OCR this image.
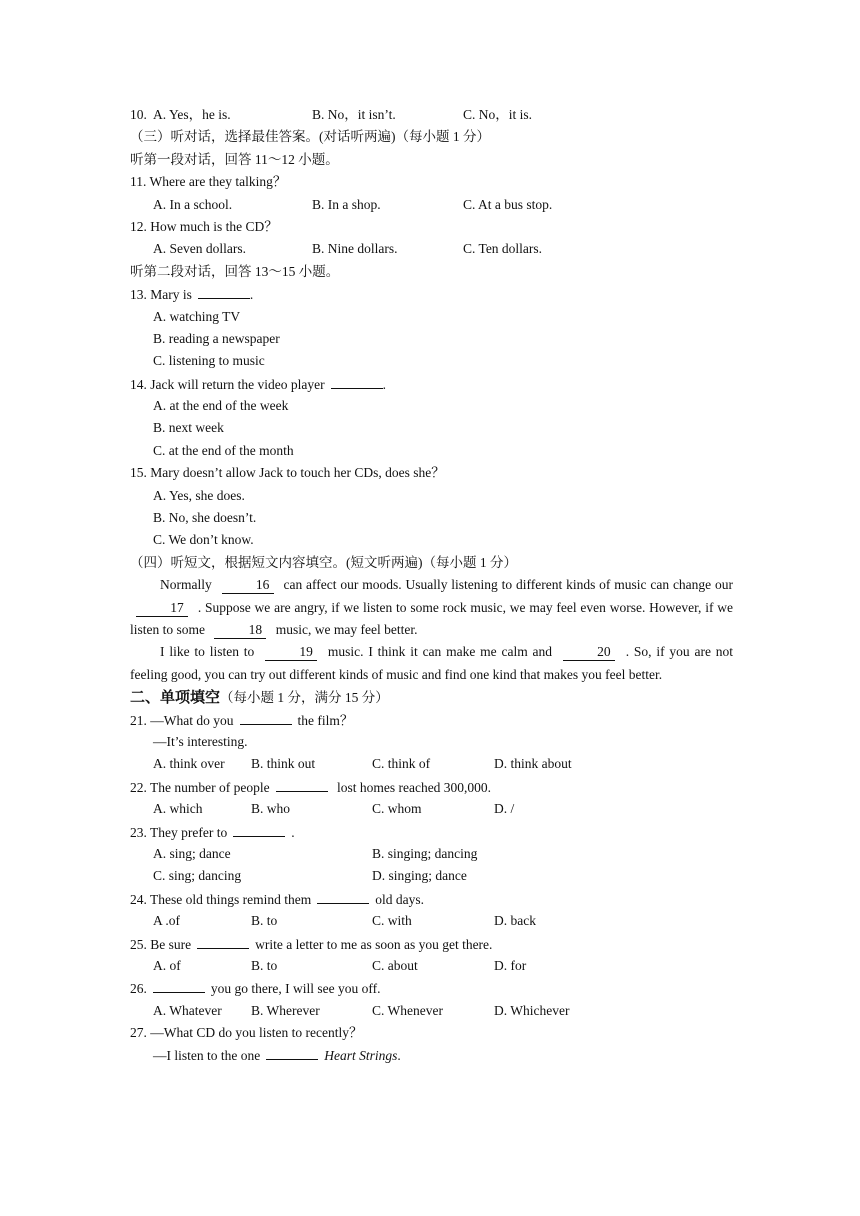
10. A. Yes，he is.	B. No，it isn’t.	C. No，it is.
（三）听对话，选择最佳答案。(对话听两遍)（每小题 1 分）
听第一段对话，回答 11～12 小题。
11. Where are they talking？
A. In a school.	B. In a shop.	C. At a bus stop.
12. How much is the CD？
A. Seven dollars.	B. Nine dollars.	C. Ten dollars.
听第二段对话，回答 13～15 小题。
13. Mary is	.
A. watching TV
B. reading a newspaper
C. listening to music
14. Jack will return the video player	.
A. at the end of the week
B. next week
C. at the end of the month
15. Mary doesn’t allow Jack to touch her CDs, does she？
A. Yes, she does.
B. No, she doesn’t.
C. We don’t know.
（四）听短文，根据短文内容填空。(短文听两遍)（每小题 1 分）

Normally	16 can affect our moods. Usually listening to different kinds of music can change our 17 . Suppose we are angry, if we listen to some rock music, we may feel even worse. However, if we listen to some	18 music, we may feel better.

I like to listen to	19 music. I think it can make me calm and	20 . So, if you are not feeling good, you can try out different kinds of music and find one kind that makes you feel better.

二、单项填空（每小题 1 分，满分 15 分）
21. —What do you	the film？
—It’s interesting.
A. think over B. think out	C. think of	D. think about
22. The number of people	lost homes reached 300,000.
A. which	B. who	C. whom	D. /
23. They prefer to	.
A. sing; dance	B. singing; dancing
C. sing; dancing	D. singing; dance
24. These old things remind them	old days.
A .of	B. to	C. with	D. back
25. Be sure	write a letter to me as soon as you get there.
A. of	B. to	C. about	D. for
26.	you go there, I will see you off.
A. Whatever B. Wherever	C. Whenever	D. Whichever
27. —What CD do you listen to recently？
—I listen to the one	Heart Strings.
